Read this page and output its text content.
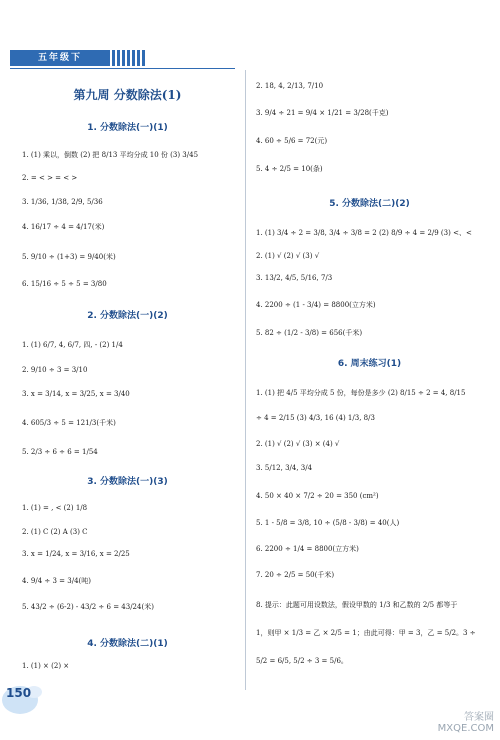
五年级下
第九周 分数除法(1)
1. 分数除法(一)(1)
1. (1) 乘以，倒数 (2) 把 8/13 平均分成 10 份 (3) 3/45
2. = < > = < >
3. 1/36, 1/38, 2/9, 5/36
4. 16/17 ÷ 4 = 4/17(米)
5. 9/10 ÷ (1+3) = 9/40(米)
6. 15/16 ÷ 5 ÷ 5 = 3/80
2. 分数除法(一)(2)
1. (1) 6/7, 4, 6/7, 四, - (2) 1/4
2. 9/10 ÷ 3 = 3/10
3. x = 3/14, x = 3/25, x = 3/40
4. 605/3 ÷ 5 = 121/3(千米)
5. 2/3 ÷ 6 ÷ 6 = 1/54
3. 分数除法(一)(3)
1. (1) = , < (2) 1/8
2. (1) C (2) A (3) C
3. x = 1/24, x = 3/16, x = 2/25
4. 9/4 ÷ 3 = 3/4(吨)
5. 43/2 ÷ (6-2) - 43/2 ÷ 6 = 43/24(米)
4. 分数除法(二)(1)
1. (1) × (2) ×
2. 18, 4, 2/13, 7/10
3. 9/4 ÷ 21 = 9/4 × 1/21 = 3/28(千克)
4. 60 ÷ 5/6 = 72(元)
5. 4 ÷ 2/5 = 10(条)
5. 分数除法(二)(2)
1. (1) 3/4 ÷ 2 = 3/8, 3/4 ÷ 3/8 = 2 (2) 8/9 ÷ 4 = 2/9 (3) <、<
2. (1) √ (2) √ (3) √
3. 13/2, 4/5, 5/16, 7/3
4. 2200 ÷ (1 - 3/4) = 8800(立方米)
5. 82 ÷ (1/2 - 3/8) = 656(千米)
6. 周末练习(1)
1. (1) 把 4/5 平均分成 5 份，每份是多少 (2) 8/15 ÷ 2 = 4, 8/15
÷ 4 = 2/15 (3) 4/3, 16 (4) 1/3, 8/3
2. (1) √ (2) √ (3) × (4) √
3. 5/12, 3/4, 3/4
4. 50 × 40 × 7/2 ÷ 20 = 350 (cm²)
5. 1 - 5/8 = 3/8, 10 ÷ (5/8 - 3/8) = 40(人)
6. 2200 ÷ 1/4 = 8800(立方米)
7. 20 ÷ 2/5 = 50(千米)
8. 提示：此题可用设数法，假设甲数的 1/3 和乙数的 2/5 都等于
1，则甲 × 1/3 = 乙 × 2/5 = 1；由此可得：甲 = 3，乙 = 5/2。3 ÷
5/2 = 6/5, 5/2 ÷ 3 = 5/6。
150
答案圈
MXQE.COM
